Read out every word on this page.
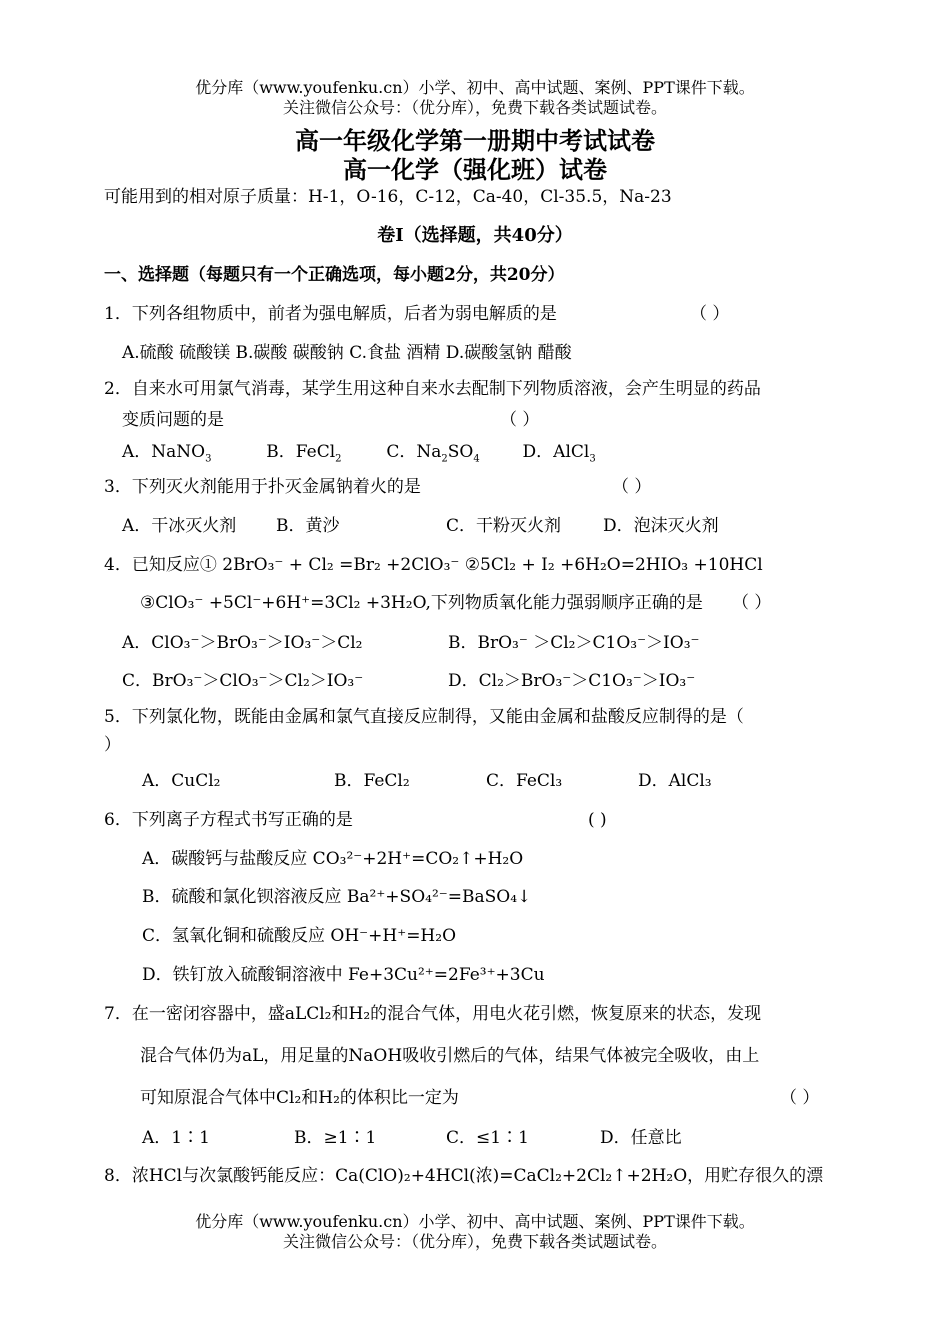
优分库（www.youfenku.cn）小学、初中、高中试题、案例、PPT课件下载。
关注微信公众号：（优分库），免费下载各类试题试卷。
高一年级化学第一册期中考试试卷
高一化学（强化班）试卷
可能用到的相对原子质量：H-1，O-16，C-12，Ca-40，Cl-35.5，Na-23
卷Ⅰ（选择题，共40分）
一、选择题（每题只有一个正确选项，每小题2分，共20分）
1．下列各组物质中，前者为强电解质，后者为弱电解质的是	（ ）
A.硫酸 硫酸镁 B.碳酸 碳酸钠 C.食盐 酒精 D.碳酸氢钠 醋酸
2．自来水可用氯气消毒，某学生用这种自来水去配制下列物质溶液，会产生明显的药品
变质问题的是	（ ）
A．NaNO$_3$	B．FeCl$_2$	C．$Na_2SO_4$	D．AlCl$_3$
3．下列灭火剂能用于扑灭金属钠着火的是	（ ）
A．干冰灭火剂 B．黄沙	C．干粉灭火剂 D．泡沫灭火剂
4．已知反应① 2BrO₃⁻ + Cl₂ =Br₂ +2ClO₃⁻ ②5Cl₂ + I₂ +6H₂O=2HIO₃ +10HCl
③ClO₃⁻ +5Cl⁻+6H⁺=3Cl₂ +3H₂O,下列物质氧化能力强弱顺序正确的是 （ ）
A．ClO₃⁻＞BrO₃⁻＞IO₃⁻＞Cl₂	B．BrO₃⁻ ＞Cl₂＞C1O₃⁻＞IO₃⁻
C．BrO₃⁻＞ClO₃⁻＞Cl₂＞IO₃⁻	D．Cl₂＞BrO₃⁻＞C1O₃⁻＞IO₃⁻
5．下列氯化物，既能由金属和氯气直接反应制得，又能由金属和盐酸反应制得的是（
）
A．CuCl₂	B．FeCl₂	C．FeCl₃	D．AlCl₃
6．下列离子方程式书写正确的是	( )
A．碳酸钙与盐酸反应 CO₃²⁻+2H⁺=CO₂↑+H₂O
B．硫酸和氯化钡溶液反应 Ba²⁺+SO₄²⁻=BaSO₄↓
C．氢氧化铜和硫酸反应 OH⁻+H⁺=H₂O
D．铁钉放入硫酸铜溶液中 Fe+3Cu²⁺=2Fe³⁺+3Cu
7．在一密闭容器中，盛aLCl₂和H₂的混合气体，用电火花引燃，恢复原来的状态，发现
混合气体仍为aL，用足量的NaOH吸收引燃后的气体，结果气体被完全吸收，由上
可知原混合气体中Cl₂和H₂的体积比一定为	（ ）
A．1∶1	B．≥1∶1	C．≤1∶1	D．任意比
8．浓HCl与次氯酸钙能反应：Ca(ClO)₂+4HCl(浓)=CaCl₂+2Cl₂↑+2H₂O，用贮存很久的漂
优分库（www.youfenku.cn）小学、初中、高中试题、案例、PPT课件下载。
关注微信公众号：（优分库），免费下载各类试题试卷。
